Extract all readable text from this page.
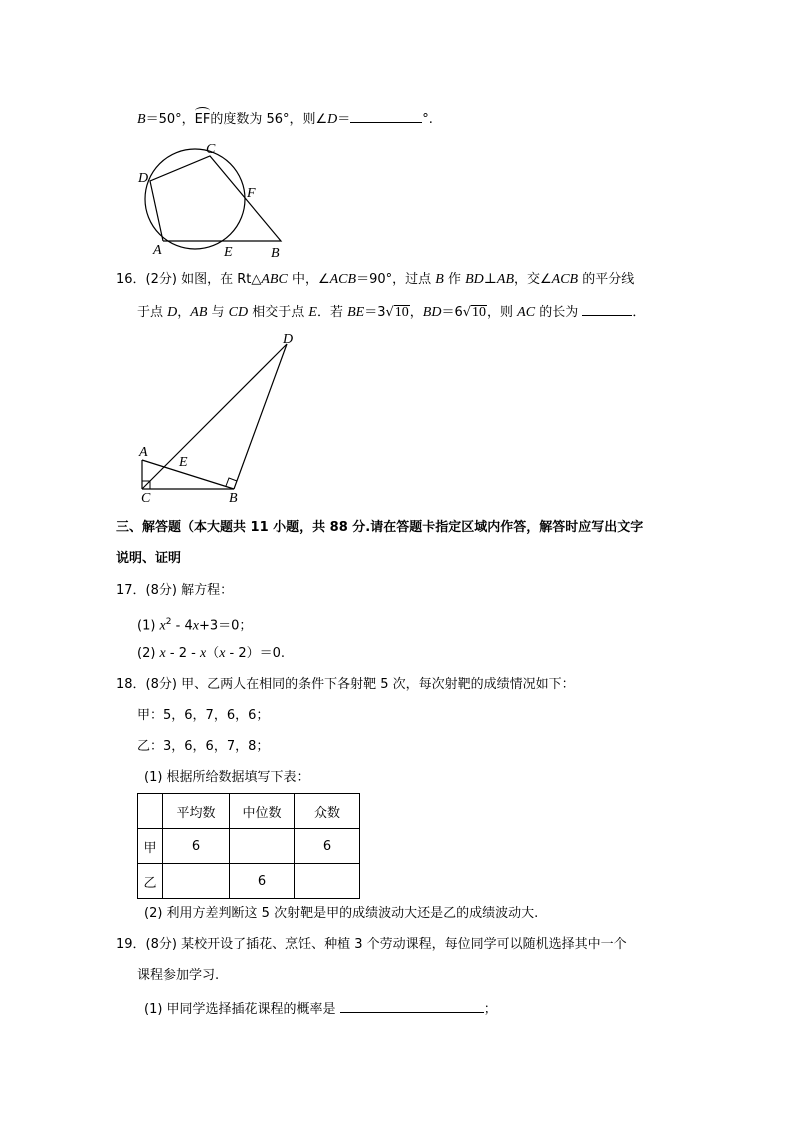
B＝50°，EF的度数为 56°，则∠D＝	°.
C
D
F
A	E	B
16．(2分) 如图，在 Rt△ABC 中，∠ACB＝90°，过点 B 作 BD⊥AB，交∠ACB 的平分线
于点 D，AB 与 CD 相交于点 E．若 BE＝3√10，BD＝6√10，则 AC 的长为	．
D
A
E
C	B
三、解答题（本大题共 11 小题，共 88 分.请在答题卡指定区域内作答，解答时应写出文字
说明、证明
17．(8分) 解方程：
(1) $x^2 - 4x+3=0$；
(2) x - 2 - x（x - 2）＝0.
18．(8分) 甲、乙两人在相同的条件下各射靶 5 次，每次射靶的成绩情况如下：
甲：5，6，7，6，6；
乙：3，6，6，7，8；
(1) 根据所给数据填写下表：
	平均数	中位数	众数
甲	6		6
乙		6	
(2) 利用方差判断这 5 次射靶是甲的成绩波动大还是乙的成绩波动大.
19．(8分) 某校开设了插花、烹饪、种植 3 个劳动课程，每位同学可以随机选择其中一个
课程参加学习.
(1) 甲同学选择插花课程的概率是	；
